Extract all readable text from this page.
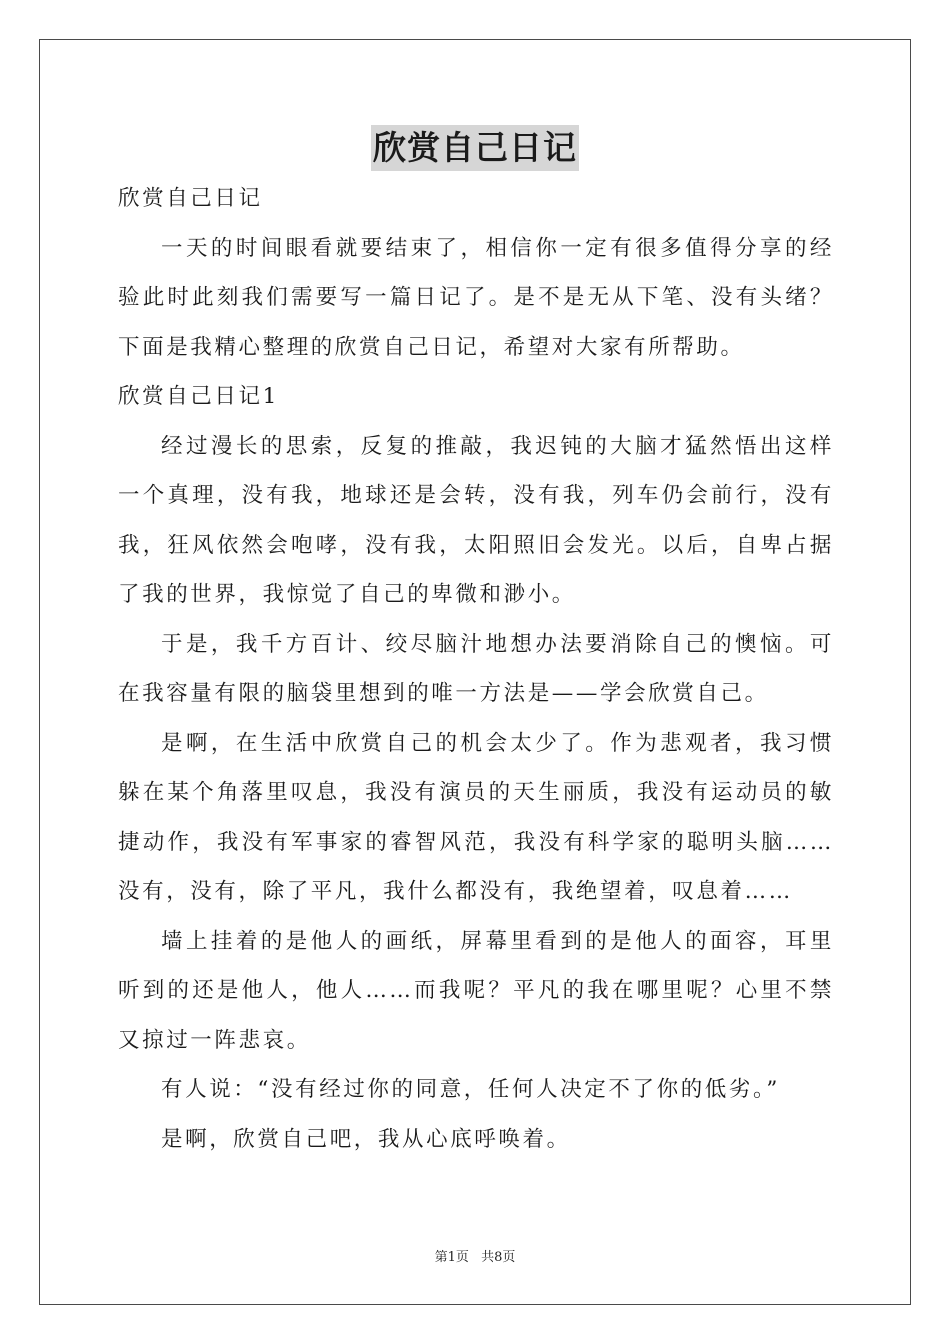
欣赏自己日记

欣赏自己日记

一天的时间眼看就要结束了，相信你一定有很多值得分享的经验此时此刻我们需要写一篇日记了。是不是无从下笔、没有头绪？下面是我精心整理的欣赏自己日记，希望对大家有所帮助。

欣赏自己日记1

经过漫长的思索，反复的推敲，我迟钝的大脑才猛然悟出这样一个真理，没有我，地球还是会转，没有我，列车仍会前行，没有我，狂风依然会咆哮，没有我，太阳照旧会发光。以后，自卑占据了我的世界，我惊觉了自己的卑微和渺小。

于是，我千方百计、绞尽脑汁地想办法要消除自己的懊恼。可在我容量有限的脑袋里想到的唯一方法是——学会欣赏自己。

是啊，在生活中欣赏自己的机会太少了。作为悲观者，我习惯躲在某个角落里叹息，我没有演员的天生丽质，我没有运动员的敏捷动作，我没有军事家的睿智风范，我没有科学家的聪明头脑……没有，没有，除了平凡，我什么都没有，我绝望着，叹息着……

墙上挂着的是他人的画纸，屏幕里看到的是他人的面容，耳里听到的还是他人，他人……而我呢？平凡的我在哪里呢？心里不禁又掠过一阵悲哀。

有人说：“没有经过你的同意，任何人决定不了你的低劣。”

是啊，欣赏自己吧，我从心底呼唤着。

第1页 共8页
